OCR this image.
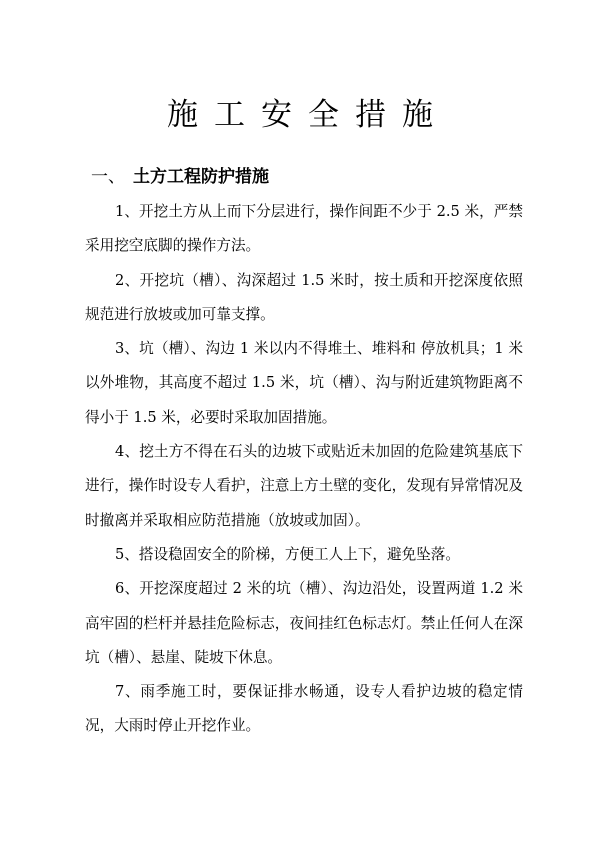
施工安全措施
一、 土方工程防护措施

1、开挖土方从上而下分层进行，操作间距不少于 2.5 米，严禁采用挖空底脚的操作方法。

2、开挖坑（槽）、沟深超过 1.5 米时，按土质和开挖深度依照规范进行放坡或加可靠支撑。

3、坑（槽）、沟边 1 米以内不得堆土、堆料和 停放机具；1 米以外堆物，其高度不超过 1.5 米，坑（槽）、沟与附近建筑物距离不得小于 1.5 米，必要时采取加固措施。

4、挖土方不得在石头的边坡下或贴近未加固的危险建筑基底下进行，操作时设专人看护，注意上方土壁的变化，发现有异常情况及时撤离并采取相应防范措施（放坡或加固）。

5、搭设稳固安全的阶梯，方便工人上下，避免坠落。

6、开挖深度超过 2 米的坑（槽）、沟边沿处，设置两道 1.2 米高牢固的栏杆并悬挂危险标志，夜间挂红色标志灯。禁止任何人在深坑（槽）、悬崖、陡坡下休息。

7、雨季施工时，要保证排水畅通，设专人看护边坡的稳定情况，大雨时停止开挖作业。
